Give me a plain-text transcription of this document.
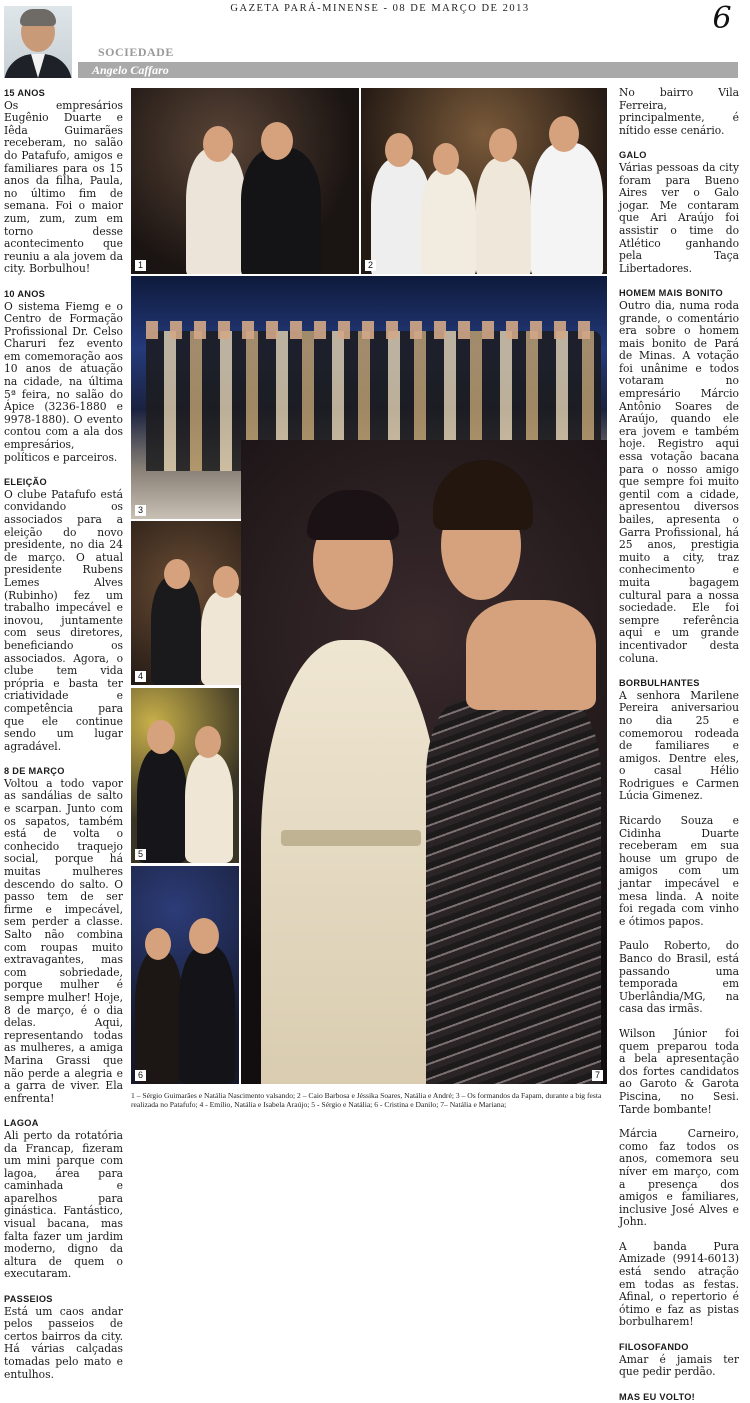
GAZETA PARÁ-MINENSE - 08 DE MARÇO DE 2013	6
SOCIEDADE
Angelo Caffaro
15 ANOS

Os empresários Eugênio Duarte e Iêda Guimarães receberam, no salão do Patafufo, amigos e familiares para os 15 anos da filha, Paula, no último fim de semana. Foi o maior zum, zum, zum em torno desse acontecimento que reuniu a ala jovem da city. Borbulhou!

10 ANOS

O sistema Fiemg e o Centro de Formação Profissional Dr. Celso Charuri fez evento em comemoração aos 10 anos de atuação na cidade, na última 5ª feira, no salão do Ápice (3236-1880 e 9978-1880). O evento contou com a ala dos empresários, políticos e parceiros.

ELEIÇÃO

O clube Patafufo está convidando os associados para a eleição do novo presidente, no dia 24 de março. O atual presidente Rubens Lemes Alves (Rubinho) fez um trabalho impecável e inovou, juntamente com seus diretores, beneficiando os associados. Agora, o clube tem vida própria e basta ter criatividade e competência para que ele continue sendo um lugar agradável.

8 DE MARÇO

Voltou a todo vapor as sandálias de salto e scarpan. Junto com os sapatos, também está de volta o conhecido traquejo social, porque há muitas mulheres descendo do salto. O passo tem de ser firme e impecável, sem perder a classe. Salto não combina com roupas muito extravagantes, mas com sobriedade, porque mulher é sempre mulher! Hoje, 8 de março, é o dia delas. Aqui, representando todas as mulheres, a amiga Marina Grassi que não perde a alegria e a garra de viver. Ela enfrenta!

LAGOA

Ali perto da rotatória da Francap, fizeram um mini parque com lagoa, área para caminhada e aparelhos para ginástica. Fantástico, visual bacana, mas falta fazer um jardim moderno, digno da altura de quem o executaram.

PASSEIOS

Está um caos andar pelos passeios de certos bairros da city. Há várias calçadas tomadas pelo mato e entulhos.

1	2
3
4
5
6	7
1 – Sérgio Guimarães e Natália Nascimento valsando; 2 – Caio Barbosa e Jéssika Soares, Natália e André; 3 – Os formandos da Fapam, durante a big festa realizada no Patafufo; 4 - Emílio, Natália e Isabela Araújo; 5 - Sérgio e Natália; 6 - Cristina e Danilo; 7– Natália e Mariana;

No bairro Vila Ferreira, principalmente, é nítido esse cenário.

GALO

Várias pessoas da city foram para Bueno Aires ver o Galo jogar. Me contaram que Ari Araújo foi assistir o time do Atlético ganhando pela Taça Libertadores.

HOMEM MAIS BONITO

Outro dia, numa roda grande, o comentário era sobre o homem mais bonito de Pará de Minas. A votação foi unânime e todos votaram no empresário Márcio Antônio Soares de Araújo, quando ele era jovem e também hoje. Registro aqui essa votação bacana para o nosso amigo que sempre foi muito gentil com a cidade, apresentou diversos bailes, apresenta o Garra Profissional, há 25 anos, prestigia muito a city, traz conhecimento e muita bagagem cultural para a nossa sociedade. Ele foi sempre referência aqui e um grande incentivador desta coluna.

BORBULHANTES

A senhora Marilene Pereira aniversariou no dia 25 e comemorou rodeada de familiares e amigos. Dentre eles, o casal Hélio Rodrigues e Carmen Lúcia Gimenez.

Ricardo Souza e Cidinha Duarte receberam em sua house um grupo de amigos com um jantar impecável e mesa linda. A noite foi regada com vinho e ótimos papos.

Paulo Roberto, do Banco do Brasil, está passando uma temporada em Uberlândia/MG, na casa das irmãs.

Wilson Júnior foi quem preparou toda a bela apresentação dos fortes candidatos ao Garoto & Garota Piscina, no Sesi. Tarde bombante!

Márcia Carneiro, como faz todos os anos, comemora seu níver em março, com a presença dos amigos e familiares, inclusive José Alves e John.

A banda Pura Amizade (9914-6013) está sendo atração em todas as festas. Afinal, o repertorio é ótimo e faz as pistas borbulharem!

FILOSOFANDO

Amar é jamais ter que pedir perdão.

MAS EU VOLTO!
